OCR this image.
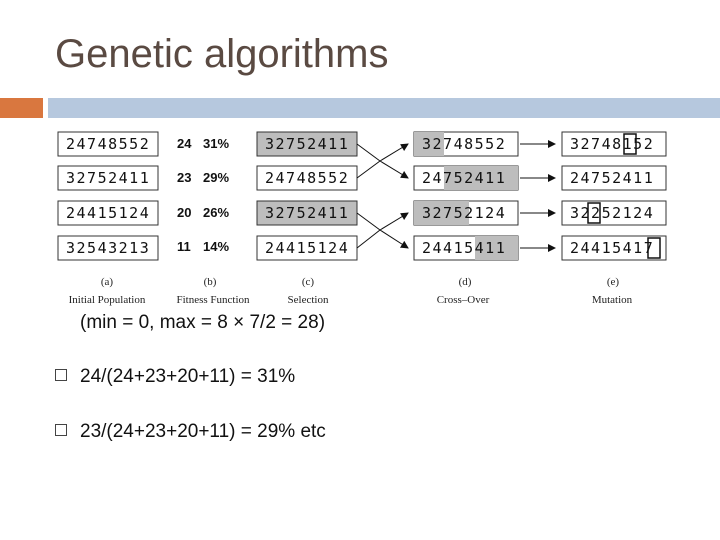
Genetic algorithms
24748552
32752411
24415124
32543213
24 31%
23 29%
20 26%
11 14%
32752411
24748552
32752411
24415124
32748552
24752411
32752124
24415411
32748152
24752411
32252124
24415417
(a)
Initial Population
(b)
Fitness Function
(c)
Selection
(d)
Cross–Over
(e)
Mutation
(min = 0, max = 8 × 7/2 = 28)
24/(24+23+20+11) = 31%
23/(24+23+20+11) = 29% etc
